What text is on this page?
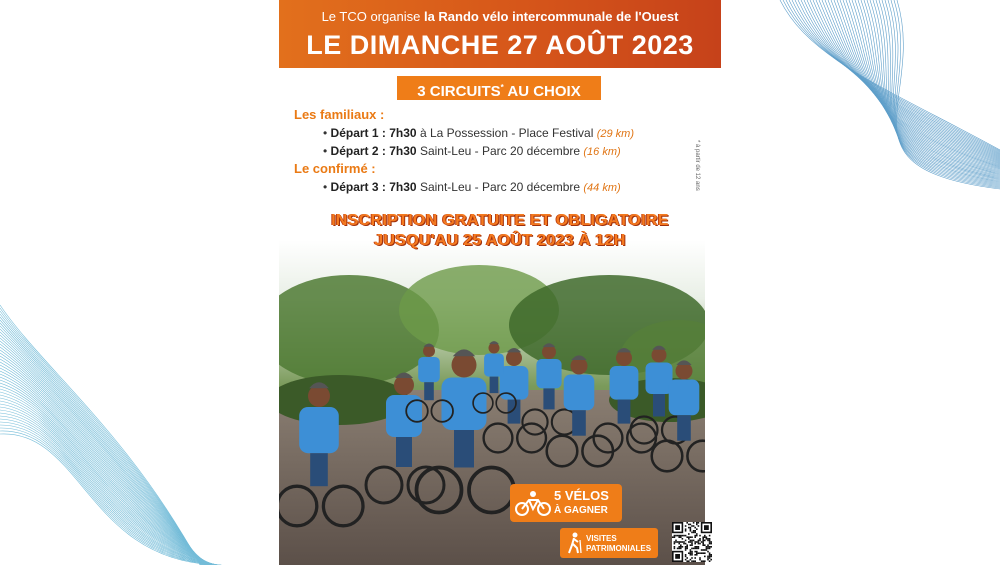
Le TCO organise la Rando vélo intercommunale de l'Ouest
LE DIMANCHE 27 AOÛT 2023
3 CIRCUITS* AU CHOIX
Les familiaux :
• Départ 1 : 7h30 à La Possession - Place Festival (29 km)
• Départ 2 : 7h30 Saint-Leu - Parc 20 décembre (16 km)
Le confirmé :
• Départ 3 : 7h30 Saint-Leu - Parc 20 décembre (44 km)	* à partir de 12 ans
INSCRIPTION GRATUITE ET OBLIGATOIRE
JUSQU'AU 25 AOÛT 2023 À 12H
5 VÉLOS
À GAGNER
VISITES
PATRIMONIALES
